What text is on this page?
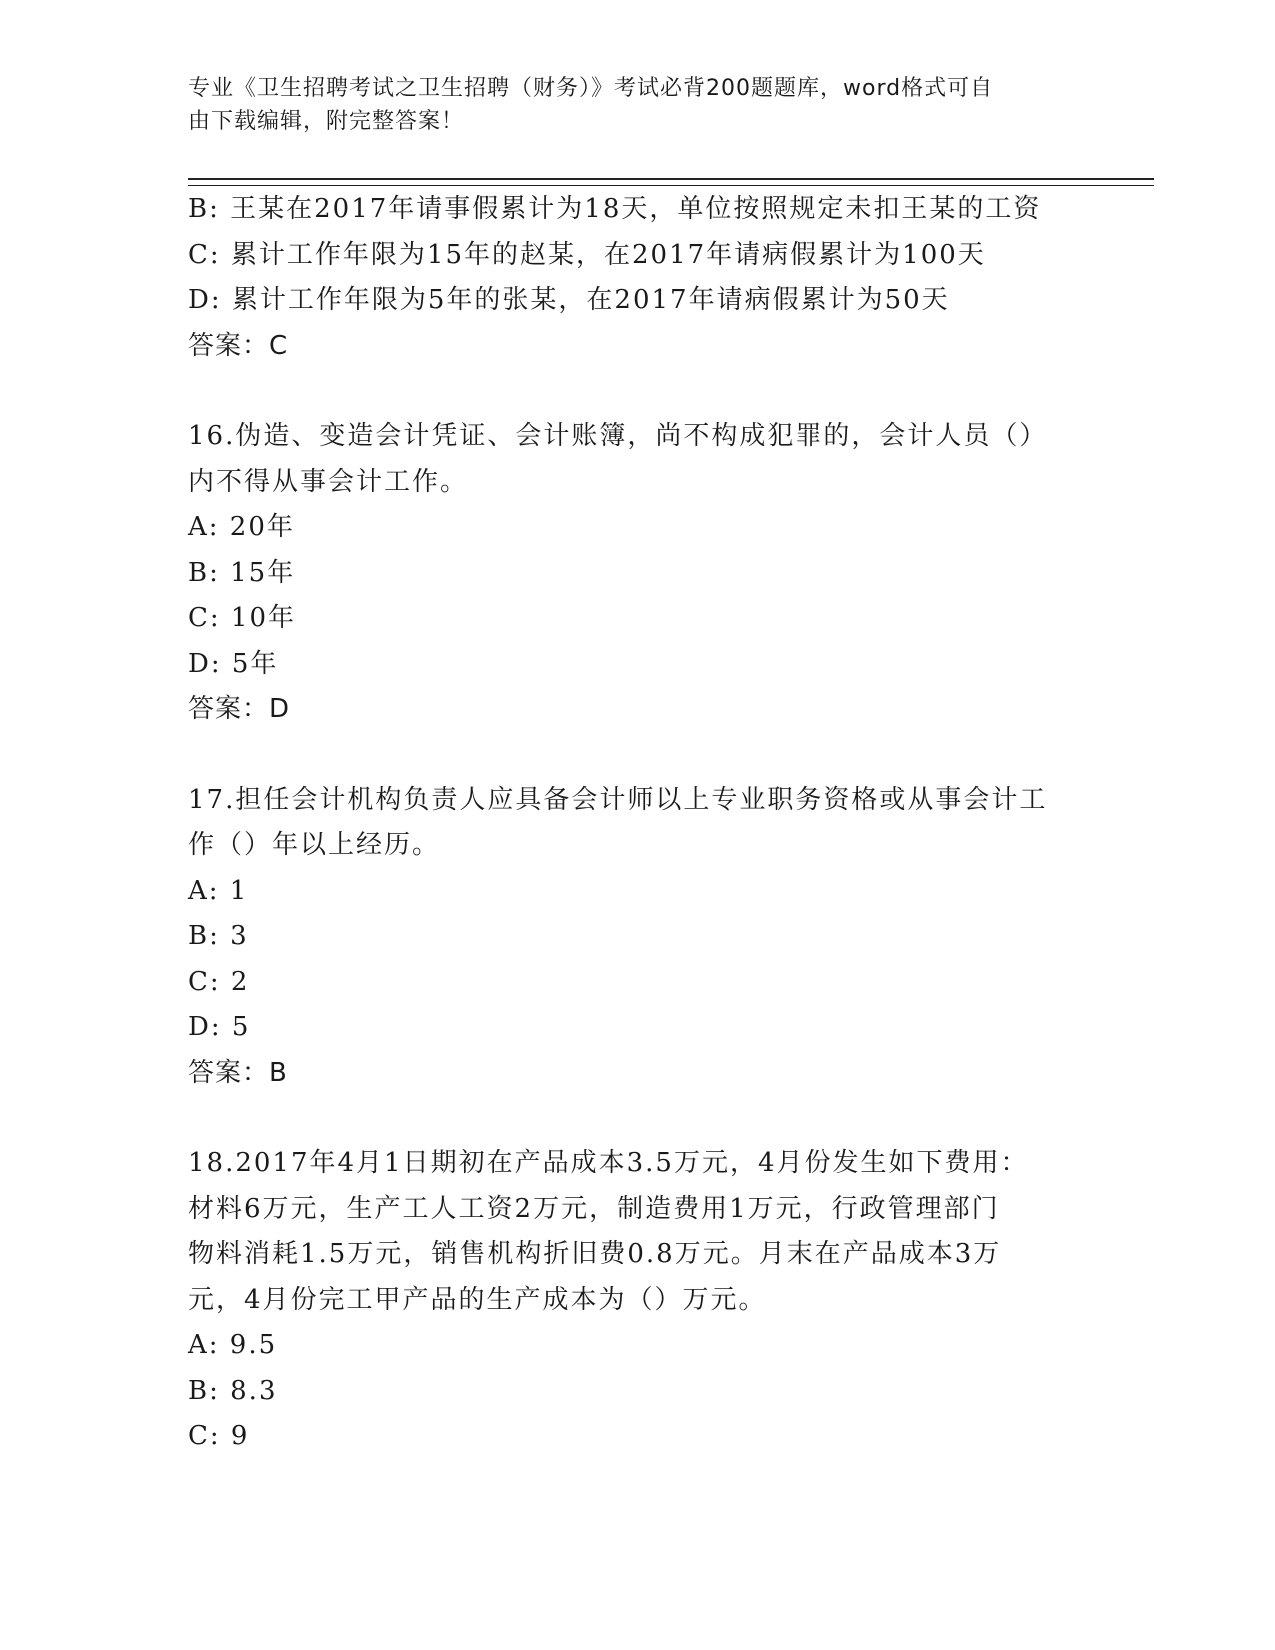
专业《卫生招聘考试之卫生招聘（财务）》考试必背200题题库，word格式可自
由下载编辑，附完整答案！
B: 王某在2017年请事假累计为18天，单位按照规定未扣王某的工资
C: 累计工作年限为15年的赵某，在2017年请病假累计为100天
D: 累计工作年限为5年的张某，在2017年请病假累计为50天
答案：C
16.伪造、变造会计凭证、会计账簿，尚不构成犯罪的，会计人员（）
内不得从事会计工作。
A: 20年
B: 15年
C: 10年
D: 5年
答案：D
17.担任会计机构负责人应具备会计师以上专业职务资格或从事会计工
作（）年以上经历。
A: 1
B: 3
C: 2
D: 5
答案：B
18.2017年4月1日期初在产品成本3.5万元，4月份发生如下费用：
材料6万元，生产工人工资2万元，制造费用1万元，行政管理部门
物料消耗1.5万元，销售机构折旧费0.8万元。月末在产品成本3万
元，4月份完工甲产品的生产成本为（）万元。
A: 9.5
B: 8.3
C: 9
